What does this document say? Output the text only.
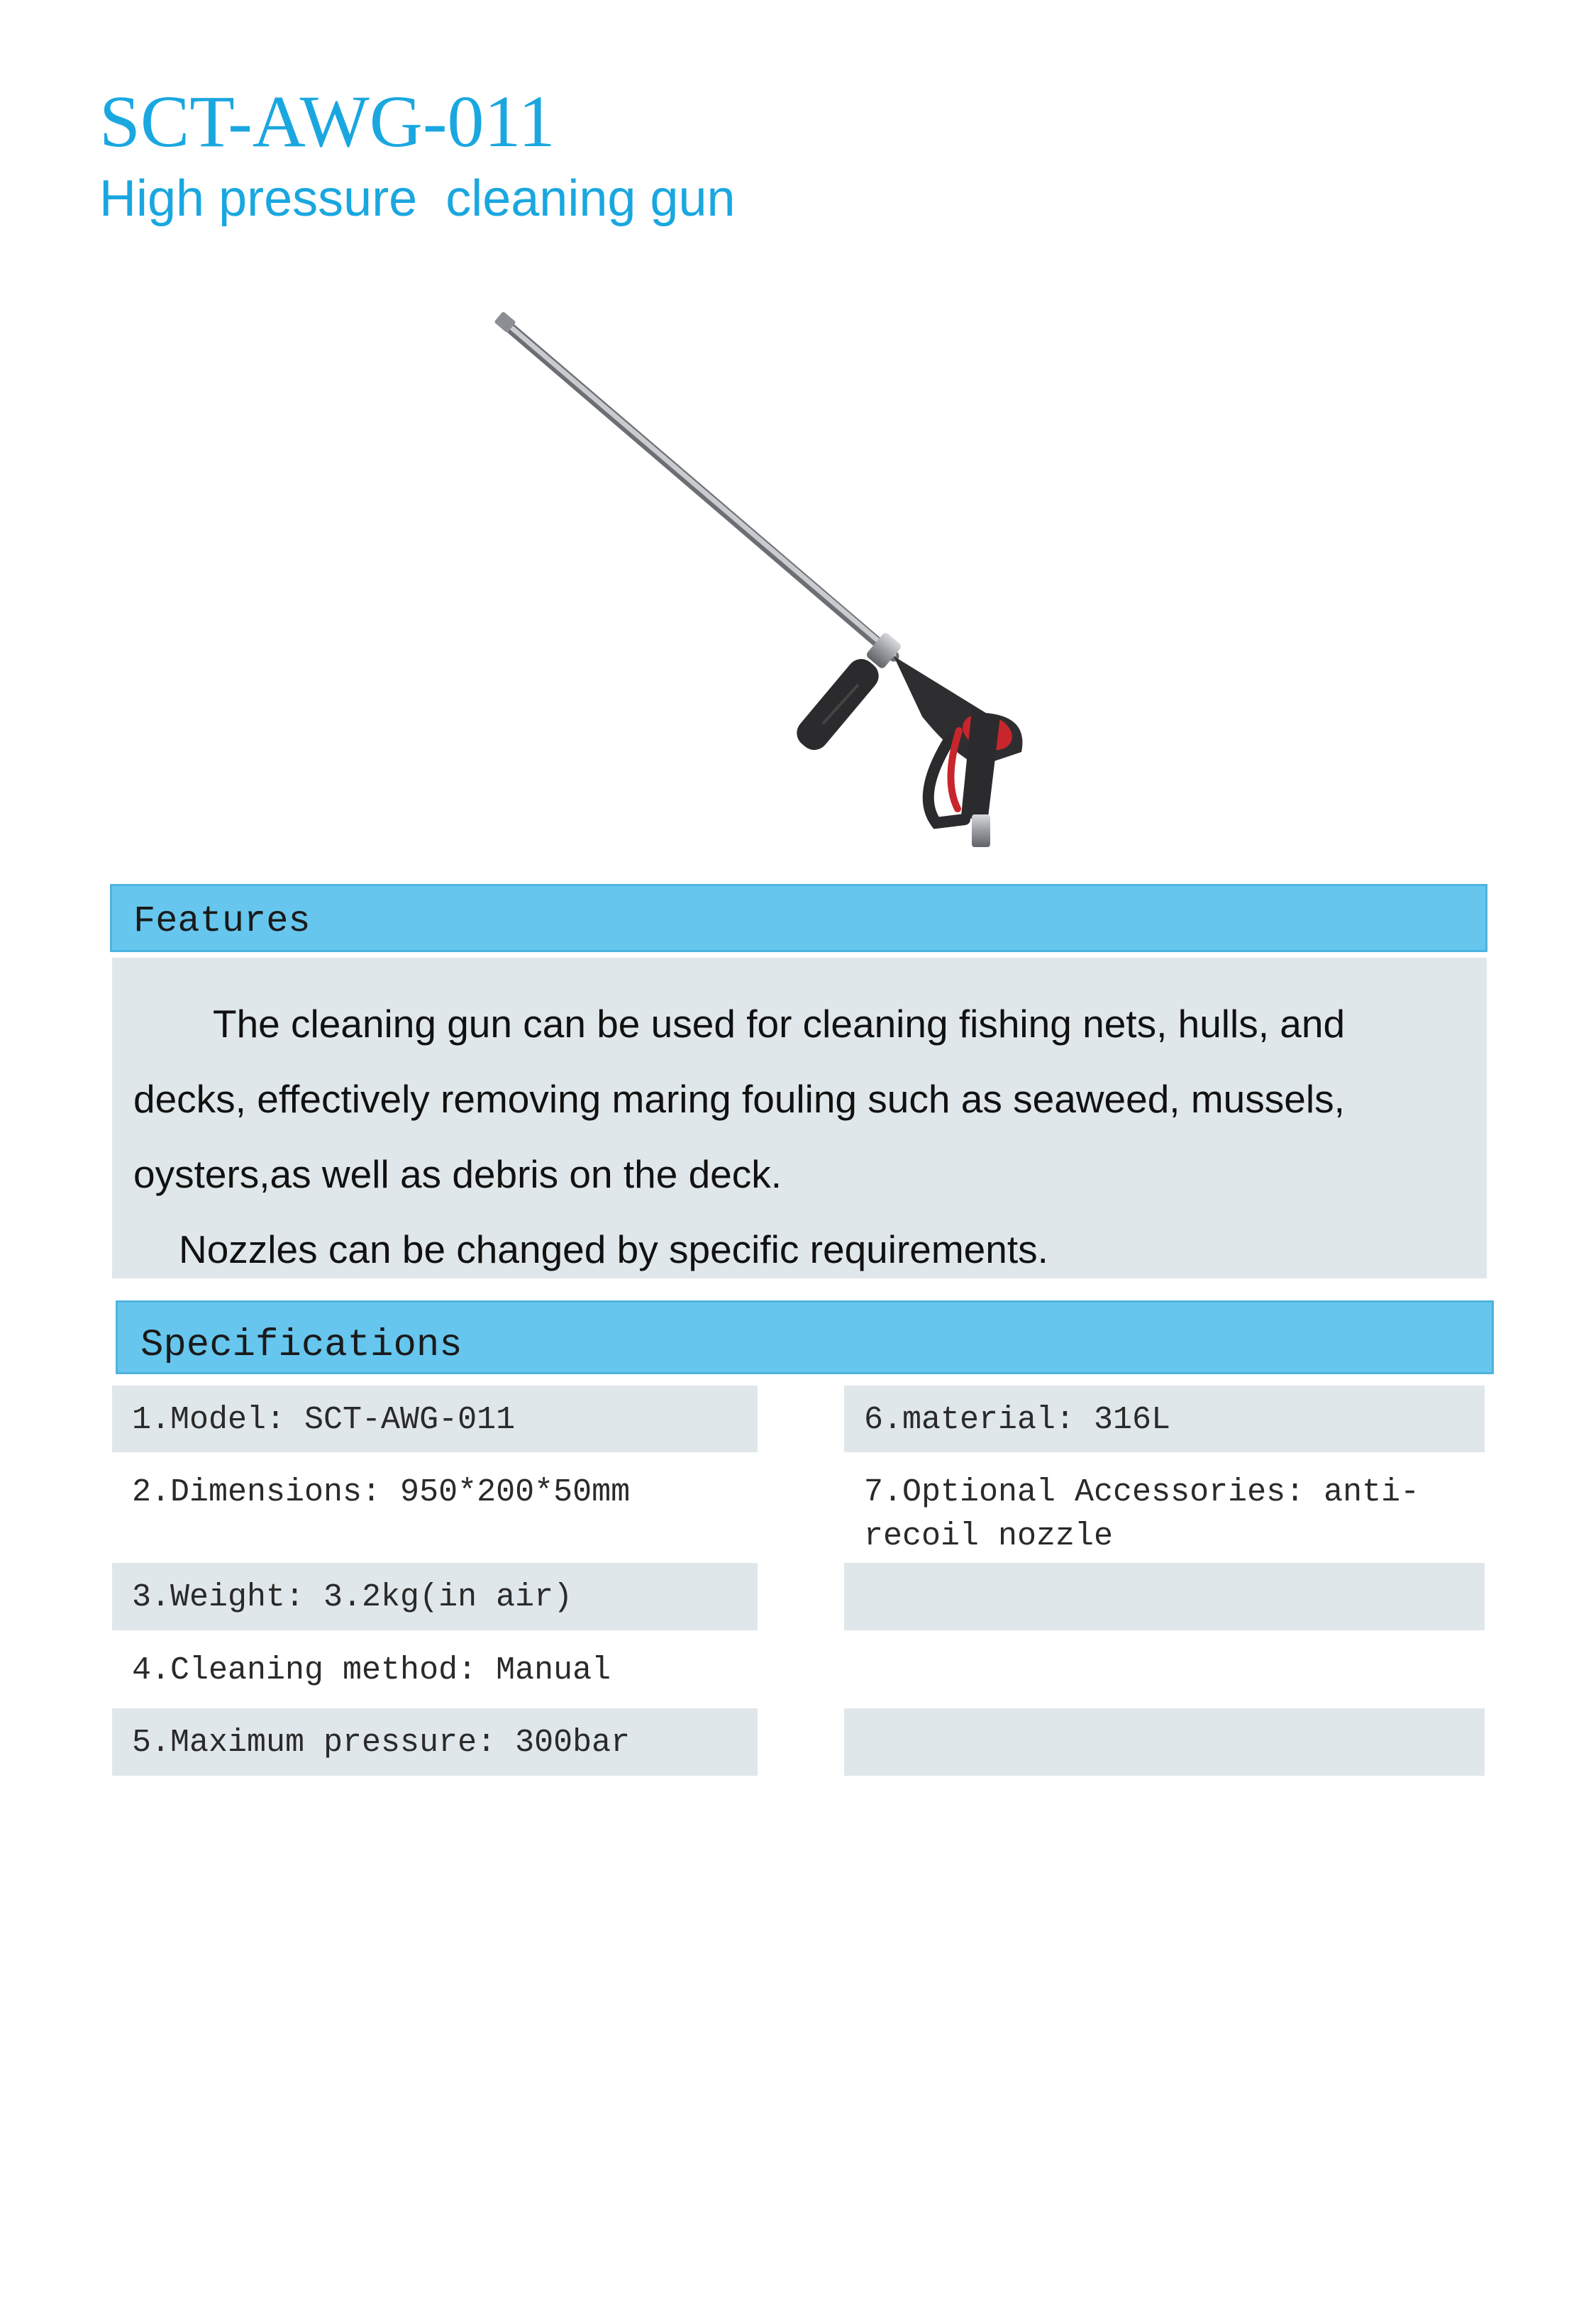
SCT-AWG-011
High pressure  cleaning gun
Features

The cleaning gun can be used for cleaning fishing nets, hulls, and decks, effectively removing maring fouling such as seaweed, mussels, oysters,as well as debris on the deck.

Nozzles can be changed by specific requirements.

Specifications
1.Model: SCT-AWG-011
2.Dimensions: 950*200*50mm
3.Weight: 3.2kg(in air)
4.Cleaning method: Manual
5.Maximum pressure: 300bar
6.material: 316L
7.Optional Accessories: anti-
recoil nozzle
